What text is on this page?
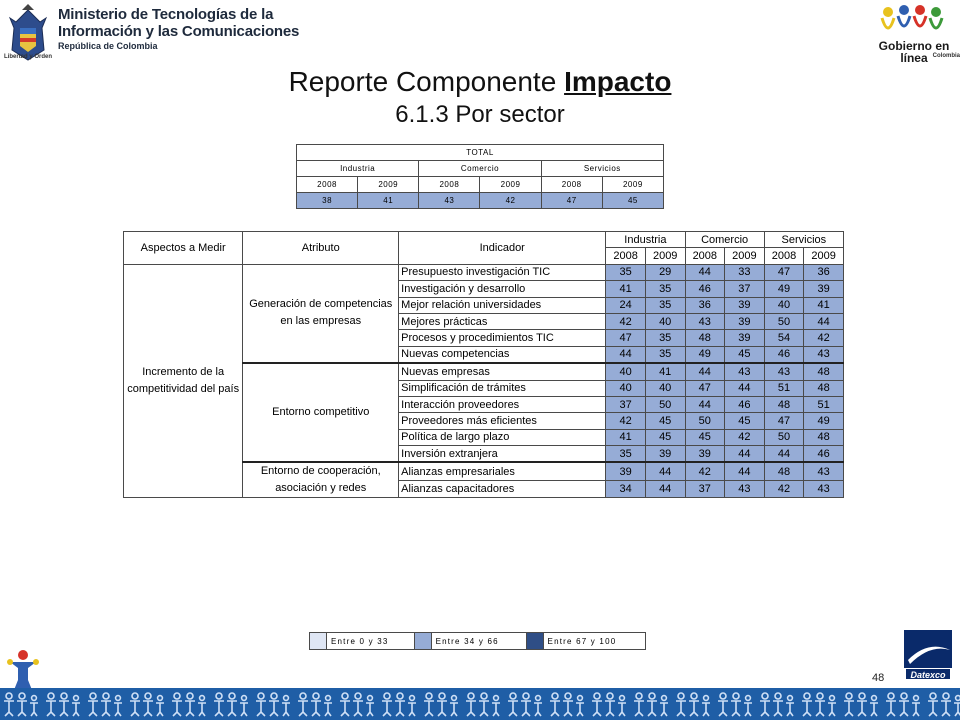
Ministerio de Tecnologías de la
Información y las Comunicaciones
República de Colombia
Libertad y Orden
Gobierno en línea Colombia
Reporte Componente Impacto
6.1.3 Por sector
TOTAL					
Industria		Comercio		Servicios	
2008	2009	2008	2009	2008	2009
38	41	43	42	47	45
Aspectos a Medir	Atributo	Indicador	Industria		Comercio		Servicios	
			2008	2009	2008	2009	2008	2009
Incremento de la competitividad del país	Generación de competencias en las empresas	Presupuesto investigación TIC	35	29	44	33	47	36
		Investigación y desarrollo	41	35	46	37	49	39
		Mejor relación universidades	24	35	36	39	40	41
		Mejores prácticas	42	40	43	39	50	44
		Procesos y procedimientos TIC	47	35	48	39	54	42
		Nuevas competencias	44	35	49	45	46	43
	Entorno competitivo	Nuevas empresas	40	41	44	43	43	48
		Simplificación de trámites	40	40	47	44	51	48
		Interacción proveedores	37	50	44	46	48	51
		Proveedores más eficientes	42	45	50	45	47	49
		Política de largo plazo	41	45	45	42	50	48
		Inversión extranjera	35	39	39	44	44	46
	Entorno de cooperación, asociación y redes	Alianzas empresariales	39	44	42	44	48	43
		Alianzas capacitadores	34	44	37	43	42	43
	Entre 0 y 33		Entre 34 y 66		Entre 67 y 100
48	Datexco
